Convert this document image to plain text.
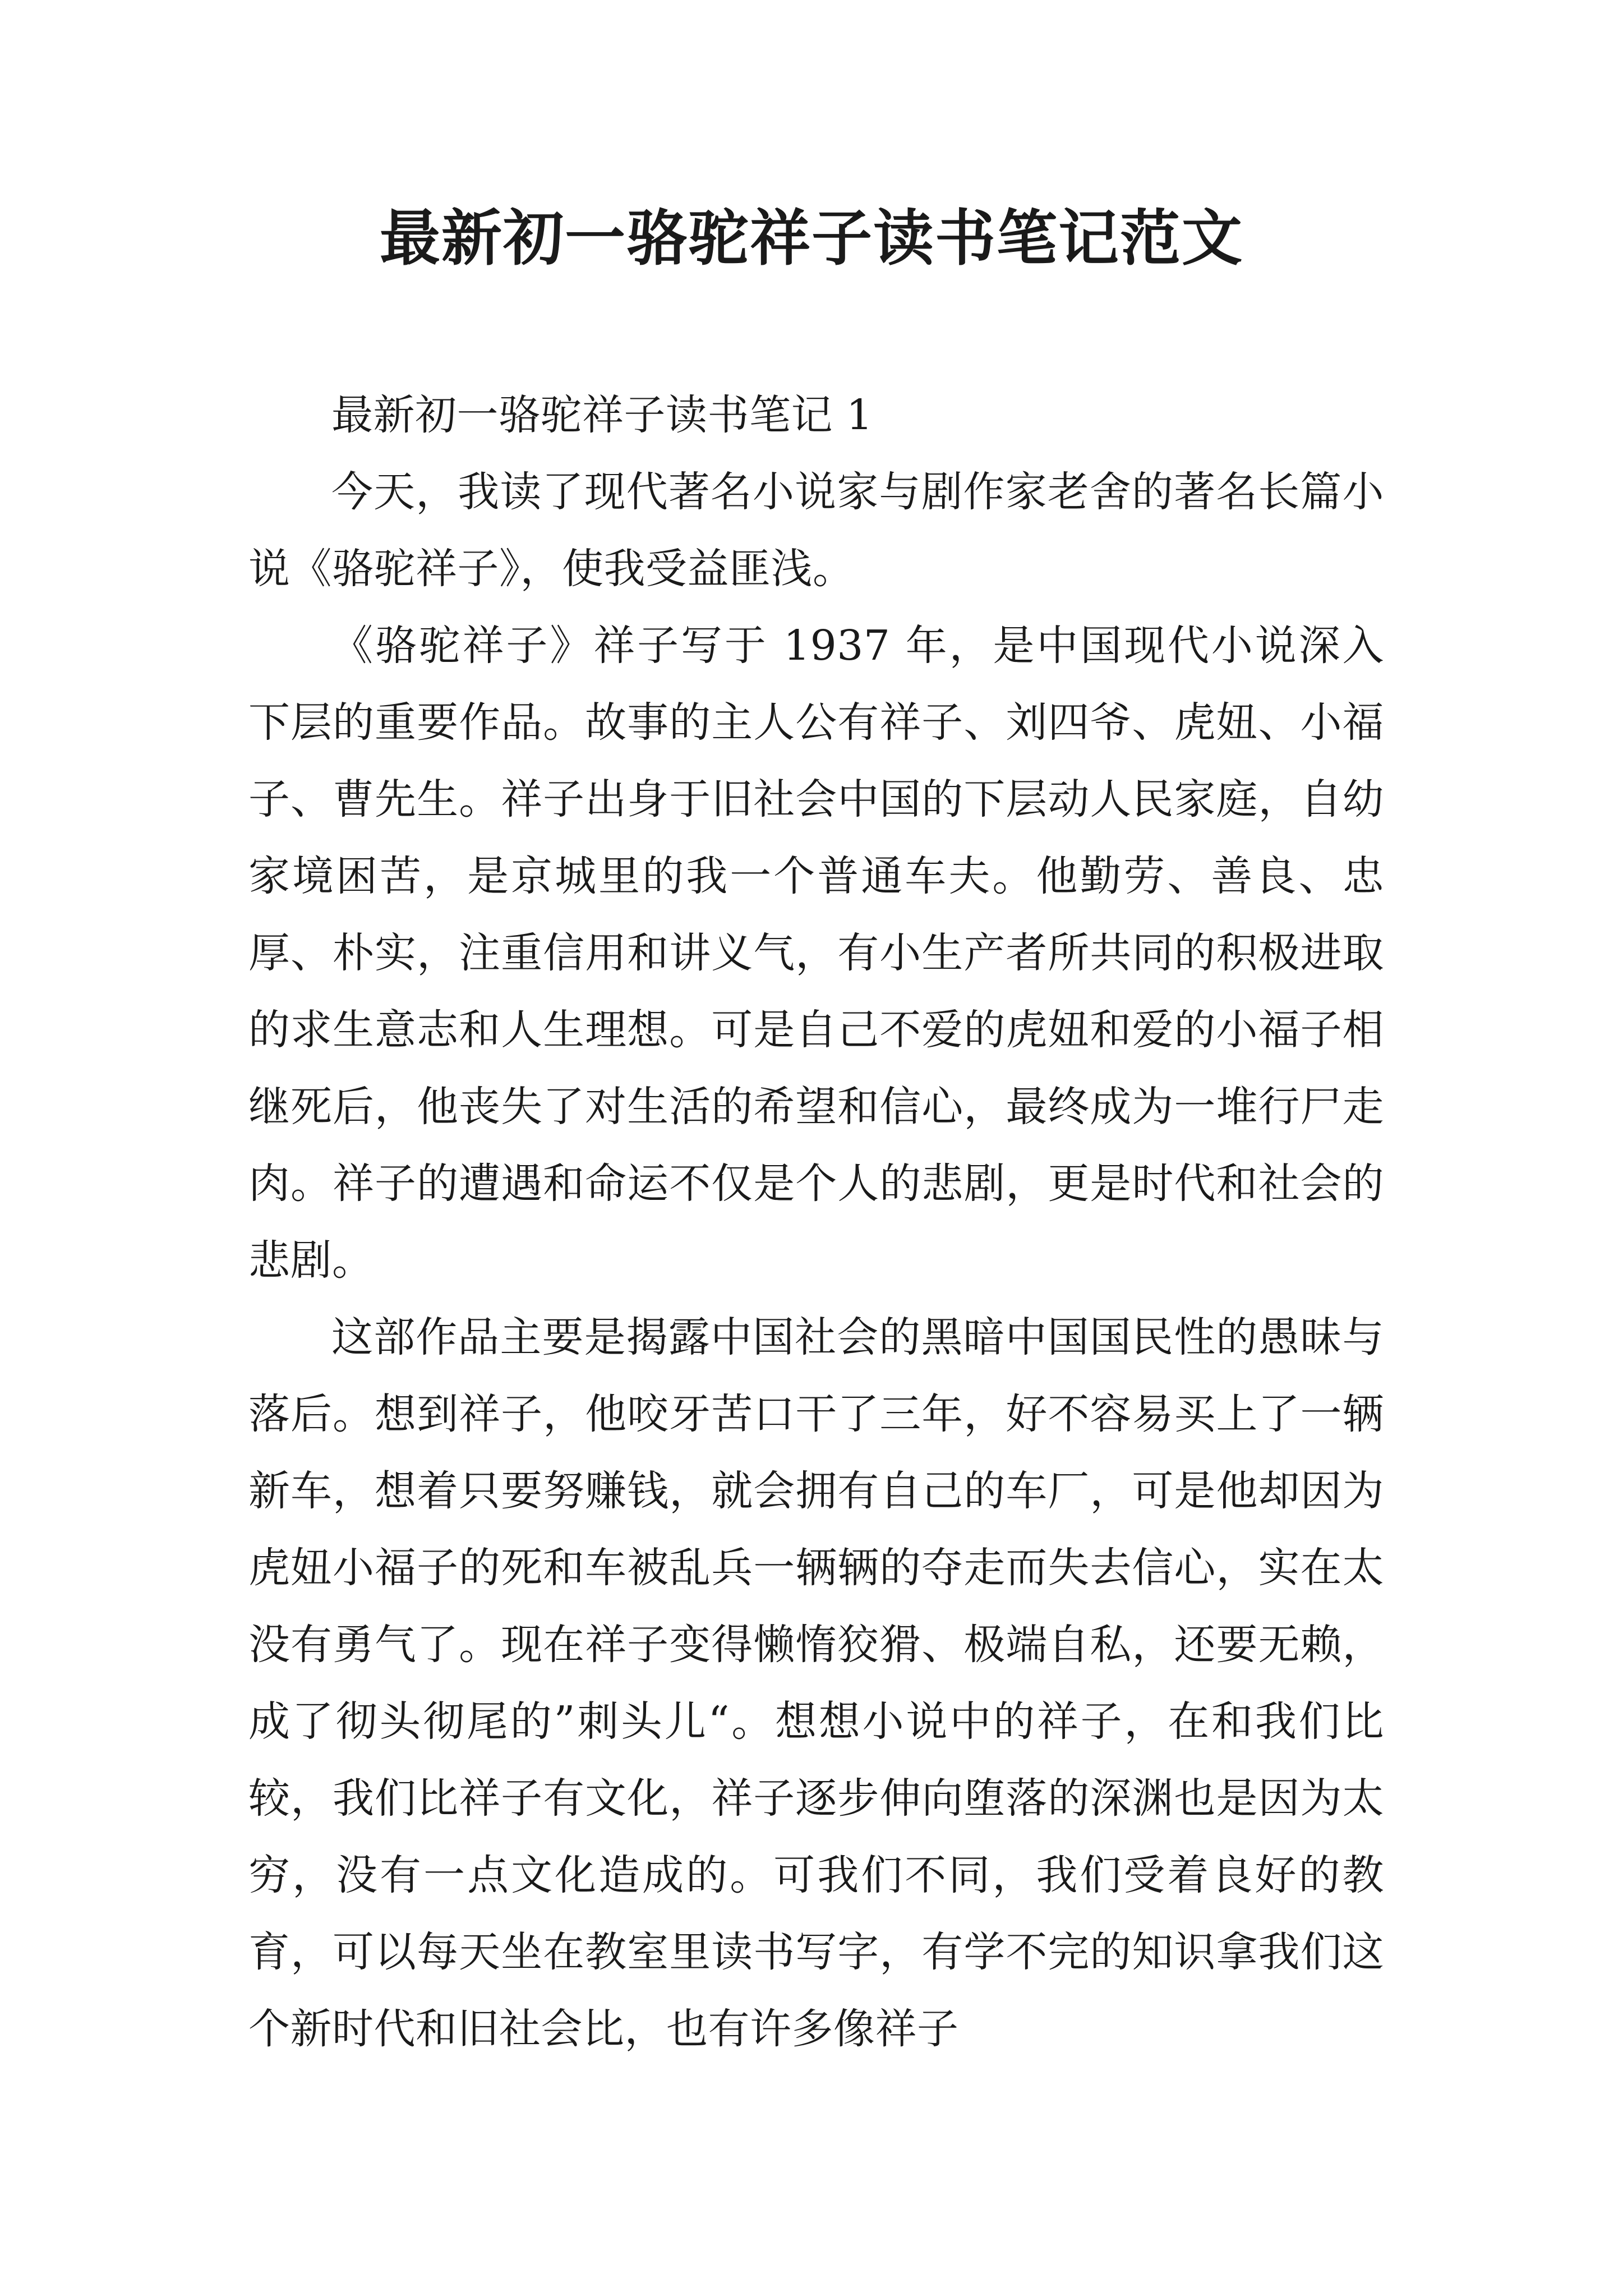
最新初一骆驼祥子读书笔记范文

最新初一骆驼祥子读书笔记 1

今天，我读了现代著名小说家与剧作家老舍的著名长篇小说《骆驼祥子》，使我受益匪浅。

《骆驼祥子》祥子写于 1937 年，是中国现代小说深入下层的重要作品。故事的主人公有祥子、刘四爷、虎妞、小福子、曹先生。祥子出身于旧社会中国的下层动人民家庭，自幼家境困苦，是京城里的我一个普通车夫。他勤劳、善良、忠厚、朴实，注重信用和讲义气，有小生产者所共同的积极进取的求生意志和人生理想。可是自己不爱的虎妞和爱的小福子相继死后，他丧失了对生活的希望和信心，最终成为一堆行尸走肉。祥子的遭遇和命运不仅是个人的悲剧，更是时代和社会的悲剧。

这部作品主要是揭露中国社会的黑暗中国国民性的愚昧与落后。想到祥子，他咬牙苦口干了三年，好不容易买上了一辆新车，想着只要努赚钱，就会拥有自己的车厂，可是他却因为虎妞小福子的死和车被乱兵一辆辆的夺走而失去信心，实在太没有勇气了。现在祥子变得懒惰狡猾、极端自私，还要无赖，成了彻头彻尾的”刺头儿“。想想小说中的祥子，在和我们比较，我们比祥子有文化，祥子逐步伸向堕落的深渊也是因为太穷，没有一点文化造成的。可我们不同，我们受着良好的教育，可以每天坐在教室里读书写字，有学不完的知识拿我们这个新时代和旧社会比，也有许多像祥子
